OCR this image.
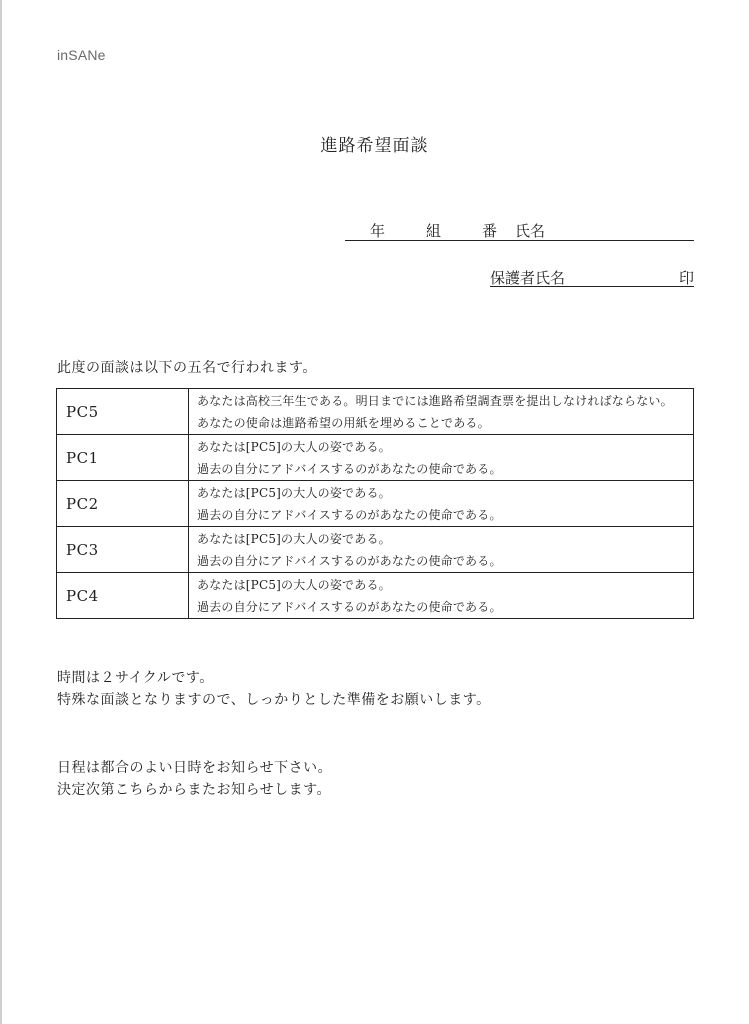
inSANe
進路希望面談
年	組	番 氏名
保護者氏名	印
此度の面談は以下の五名で行われます。
PC5	あなたは高校三年生である。明日までには進路希望調査票を提出しなければならない。
あなたの使命は進路希望の用紙を埋めることである。

PC1	あなたは[PC5]の大人の姿である。
過去の自分にアドバイスするのがあなたの使命である。

PC2	あなたは[PC5]の大人の姿である。
過去の自分にアドバイスするのがあなたの使命である。

PC3	あなたは[PC5]の大人の姿である。
過去の自分にアドバイスするのがあなたの使命である。

PC4	あなたは[PC5]の大人の姿である。
過去の自分にアドバイスするのがあなたの使命である。
時間は２サイクルです。
特殊な面談となりますので、しっかりとした準備をお願いします。
日程は都合のよい日時をお知らせ下さい。
決定次第こちらからまたお知らせします。
